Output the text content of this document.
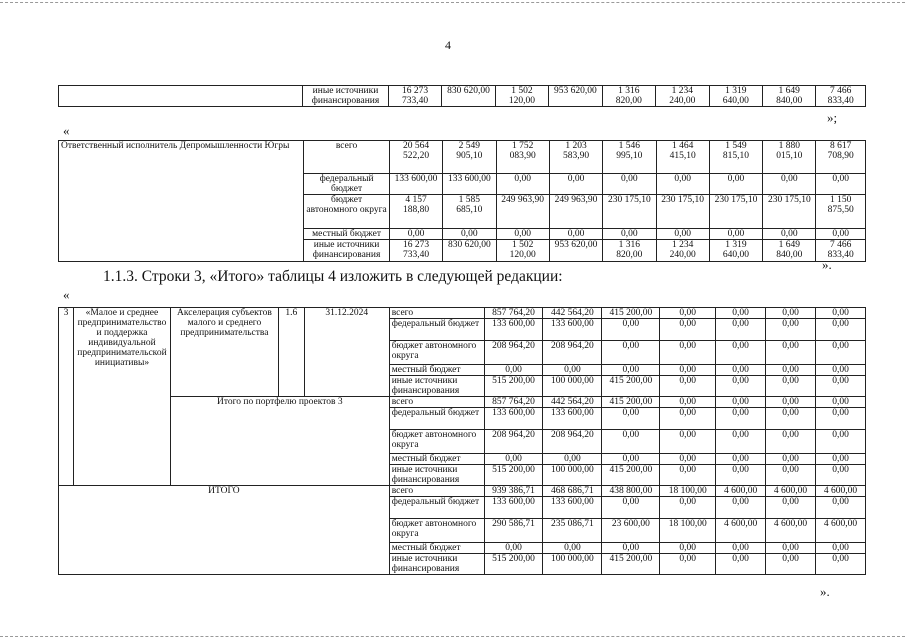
4
	иные источники финансирования	16 273 733,40	830 620,00	1 502 120,00	953 620,00	1 316 820,00	1 234 240,00	1 319 640,00	1 649 840,00	7 466 833,40
»;
«
Ответственный исполнитель Депромышленности Югры	всего	20 564 522,20	2 549 905,10	1 752 083,90	1 203 583,90	1 546 995,10	1 464 415,10	1 549 815,10	1 880 015,10	8 617 708,90
	федеральный бюджет	133 600,00	133 600,00	0,00	0,00	0,00	0,00	0,00	0,00	0,00
	бюджет автономного округа	4 157 188,80	1 585 685,10	249 963,90	249 963,90	230 175,10	230 175,10	230 175,10	230 175,10	1 150 875,50
	местный бюджет	0,00	0,00	0,00	0,00	0,00	0,00	0,00	0,00	0,00
	иные источники финансирования	16 273 733,40	830 620,00	1 502 120,00	953 620,00	1 316 820,00	1 234 240,00	1 319 640,00	1 649 840,00	7 466 833,40
».
1.1.3. Строки 3, «Итого» таблицы 4 изложить в следующей редакции:
«
3	«Малое и среднее предпринимательство и поддержка индивидуальной предпринимательской инициативы»	Акселерация субъектов малого и среднего предпринимательства	1.6	31.12.2024	всего	857 764,20	442 564,20	415 200,00	0,00	0,00	0,00	0,00
					федеральный бюджет	133 600,00	133 600,00	0,00	0,00	0,00	0,00	0,00
					бюджет автономного округа	208 964,20	208 964,20	0,00	0,00	0,00	0,00	0,00
					местный бюджет	0,00	0,00	0,00	0,00	0,00	0,00	0,00
					иные источники финансирования	515 200,00	100 000,00	415 200,00	0,00	0,00	0,00	0,00
		Итого по портфелю проектов 3			всего	857 764,20	442 564,20	415 200,00	0,00	0,00	0,00	0,00
					федеральный бюджет	133 600,00	133 600,00	0,00	0,00	0,00	0,00	0,00
					бюджет автономного округа	208 964,20	208 964,20	0,00	0,00	0,00	0,00	0,00
					местный бюджет	0,00	0,00	0,00	0,00	0,00	0,00	0,00
					иные источники финансирования	515 200,00	100 000,00	415 200,00	0,00	0,00	0,00	0,00
ИТОГО					всего	939 386,71	468 686,71	438 800,00	18 100,00	4 600,00	4 600,00	4 600,00
					федеральный бюджет	133 600,00	133 600,00	0,00	0,00	0,00	0,00	0,00
					бюджет автономного округа	290 586,71	235 086,71	23 600,00	18 100,00	4 600,00	4 600,00	4 600,00
					местный бюджет	0,00	0,00	0,00	0,00	0,00	0,00	0,00
					иные источники финансирования	515 200,00	100 000,00	415 200,00	0,00	0,00	0,00	0,00
».
